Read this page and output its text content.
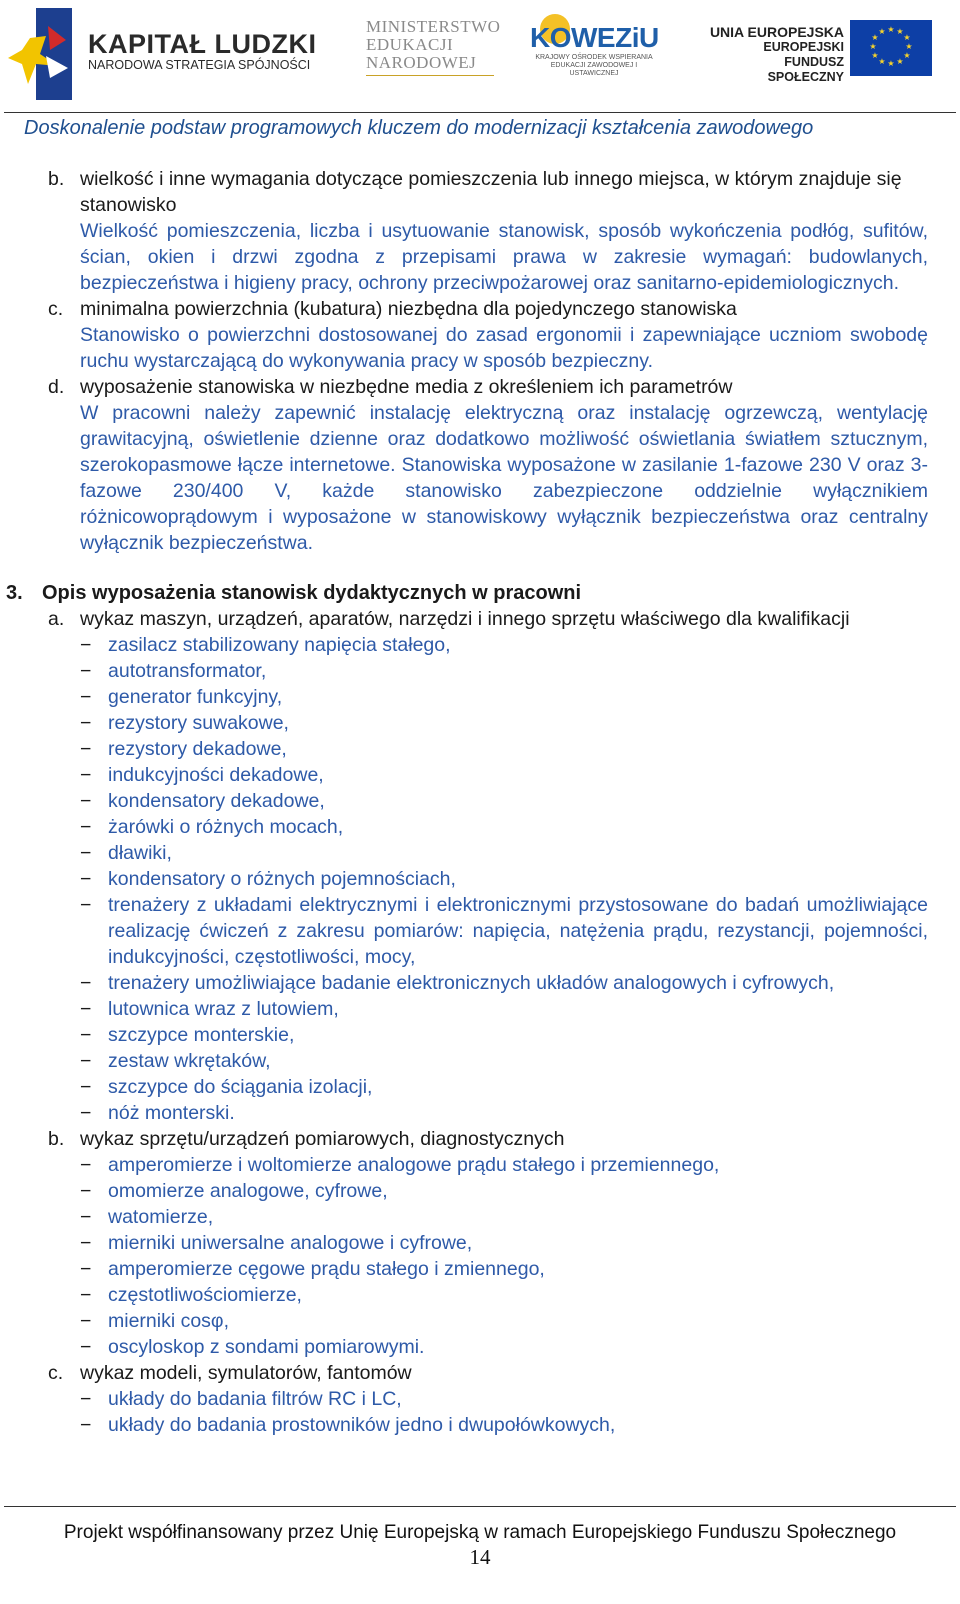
KAPITAŁ LUDZKI
NARODOWA STRATEGIA SPÓJNOŚCI
MINISTERSTWO
EDUKACJI
NARODOWEJ
KOWEZiU
KRAJOWY OŚRODEK WSPIERANIA EDUKACJI ZAWODOWEJ I USTAWICZNEJ
UNIA EUROPEJSKA
EUROPEJSKI
FUNDUSZ SPOŁECZNY
★ ★
★
★
★
★
★
★
★
★
★
★
Doskonalenie podstaw programowych kluczem do modernizacji kształcenia zawodowego
b. wielkość i inne wymagania dotyczące pomieszczenia lub innego miejsca, w którym znajduje się stanowisko
Wielkość pomieszczenia, liczba i usytuowanie stanowisk, sposób wykończenia podłóg, sufitów, ścian, okien i drzwi zgodna z przepisami prawa w zakresie wymagań: budowlanych, bezpieczeństwa i higieny pracy, ochrony przeciwpożarowej oraz sanitarno-epidemiologicznych.
c. minimalna powierzchnia (kubatura) niezbędna dla pojedynczego stanowiska
Stanowisko o powierzchni dostosowanej do zasad ergonomii i zapewniające uczniom swobodę ruchu wystarczającą do wykonywania pracy w sposób bezpieczny.
d. wyposażenie stanowiska w niezbędne media z określeniem ich parametrów
W pracowni należy zapewnić instalację elektryczną oraz instalację ogrzewczą, wentylację grawitacyjną, oświetlenie dzienne oraz dodatkowo możliwość oświetlania światłem sztucznym, szerokopasmowe łącze internetowe. Stanowiska wyposażone w zasilanie 1-fazowe 230 V oraz 3-fazowe 230/400 V, każde stanowisko zabezpieczone oddzielnie wyłącznikiem różnicowoprądowym i wyposażone w stanowiskowy wyłącznik bezpieczeństwa oraz centralny wyłącznik bezpieczeństwa.
3. Opis wyposażenia stanowisk dydaktycznych w pracowni
a. wykaz maszyn, urządzeń, aparatów, narzędzi i innego sprzętu właściwego dla kwalifikacji
− zasilacz stabilizowany napięcia stałego,
− autotransformator,
− generator funkcyjny,
− rezystory suwakowe,
− rezystory dekadowe,
− indukcyjności dekadowe,
− kondensatory dekadowe,
− żarówki o różnych mocach,
− dławiki,
− kondensatory o różnych pojemnościach,
− trenażery z układami elektrycznymi i elektronicznymi przystosowane do badań umożliwiające realizację ćwiczeń z zakresu pomiarów: napięcia, natężenia prądu, rezystancji, pojemności, indukcyjności, częstotliwości, mocy,
− trenażery umożliwiające badanie elektronicznych układów analogowych i cyfrowych,
− lutownica wraz z lutowiem,
− szczypce monterskie,
− zestaw wkrętaków,
− szczypce do ściągania izolacji,
− nóż monterski.
b. wykaz sprzętu/urządzeń pomiarowych, diagnostycznych
− amperomierze i woltomierze analogowe prądu stałego i przemiennego,
− omomierze analogowe, cyfrowe,
− watomierze,
− mierniki uniwersalne analogowe i cyfrowe,
− amperomierze cęgowe prądu stałego i zmiennego,
− częstotliwościomierze,
− mierniki cosφ,
− oscyloskop z sondami pomiarowymi.
c. wykaz modeli, symulatorów, fantomów
− układy do badania filtrów RC i LC,
− układy do badania prostowników jedno i dwupołówkowych,
Projekt współfinansowany przez Unię Europejską w ramach Europejskiego Funduszu Społecznego
14
